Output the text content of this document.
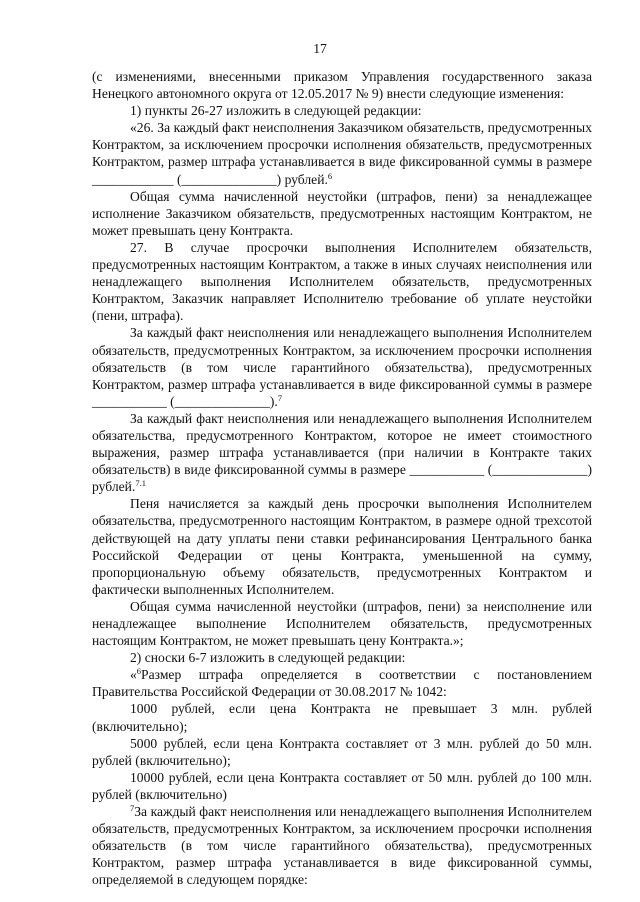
17

(с изменениями, внесенными приказом Управления государственного заказа Ненецкого автономного округа от 12.05.2017 № 9) внести следующие изменения:

1) пункты 26-27 изложить в следующей редакции:

«26. За каждый факт неисполнения Заказчиком обязательств, предусмотренных Контрактом, за исключением просрочки исполнения обязательств, предусмотренных Контрактом, размер штрафа устанавливается в виде фиксированной суммы в размере ____________ (______________) рублей.$^6$

Общая сумма начисленной неустойки (штрафов, пени) за ненадлежащее исполнение Заказчиком обязательств, предусмотренных настоящим Контрактом, не может превышать цену Контракта.

27. В случае просрочки выполнения Исполнителем обязательств, предусмотренных настоящим Контрактом, а также в иных случаях неисполнения или ненадлежащего выполнения Исполнителем обязательств, предусмотренных Контрактом, Заказчик направляет Исполнителю требование об уплате неустойки (пени, штрафа).

За каждый факт неисполнения или ненадлежащего выполнения Исполнителем обязательств, предусмотренных Контрактом, за исключением просрочки исполнения обязательств (в том числе гарантийного обязательства), предусмотренных Контрактом, размер штрафа устанавливается в виде фиксированной суммы в размере ___________ (______________).$^7$

За каждый факт неисполнения или ненадлежащего выполнения Исполнителем обязательства, предусмотренного Контрактом, которое не имеет стоимостного выражения, размер штрафа устанавливается (при наличии в Контракте таких обязательств) в виде фиксированной суммы в размере ___________ (______________) рублей.$^{7.1}$

Пеня начисляется за каждый день просрочки выполнения Исполнителем обязательства, предусмотренного настоящим Контрактом, в размере одной трехсотой действующей на дату уплаты пени ставки рефинансирования Центрального банка Российской Федерации от цены Контракта, уменьшенной на сумму, пропорциональную объему обязательств, предусмотренных Контрактом и фактически выполненных Исполнителем.

Общая сумма начисленной неустойки (штрафов, пени) за неисполнение или ненадлежащее выполнение Исполнителем обязательств, предусмотренных настоящим Контрактом, не может превышать цену Контракта.»;

2) сноски 6-7 изложить в следующей редакции:

«$^6$Размер штрафа определяется в соответствии с постановлением Правительства Российской Федерации от 30.08.2017 № 1042:

1000 рублей, если цена Контракта не превышает 3 млн. рублей (включительно);

5000 рублей, если цена Контракта составляет от 3 млн. рублей до 50 млн. рублей (включительно);

10000 рублей, если цена Контракта составляет от 50 млн. рублей до 100 млн. рублей (включительно)

$^7$За каждый факт неисполнения или ненадлежащего выполнения Исполнителем обязательств, предусмотренных Контрактом, за исключением просрочки исполнения обязательств (в том числе гарантийного обязательства), предусмотренных Контрактом, размер штрафа устанавливается в виде фиксированной суммы, определяемой в следующем порядке:
